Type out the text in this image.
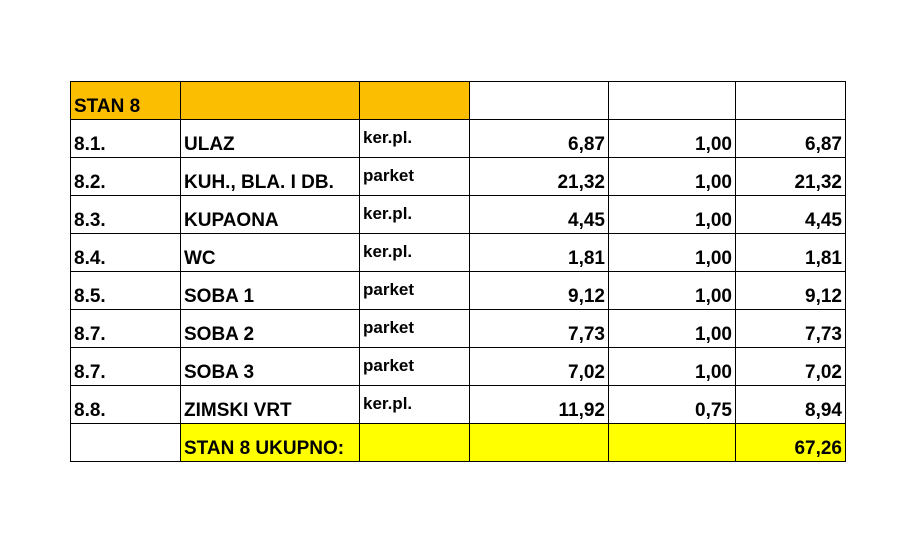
STAN 8					
8.1.	ULAZ	ker.pl.	6,87	1,00	6,87
8.2.	KUH., BLA. I DB.	parket	21,32	1,00	21,32
8.3.	KUPAONA	ker.pl.	4,45	1,00	4,45
8.4.	WC	ker.pl.	1,81	1,00	1,81
8.5.	SOBA 1	parket	9,12	1,00	9,12
8.7.	SOBA 2	parket	7,73	1,00	7,73
8.7.	SOBA 3	parket	7,02	1,00	7,02
8.8.	ZIMSKI VRT	ker.pl.	11,92	0,75	8,94
	STAN 8 UKUPNO:				67,26
